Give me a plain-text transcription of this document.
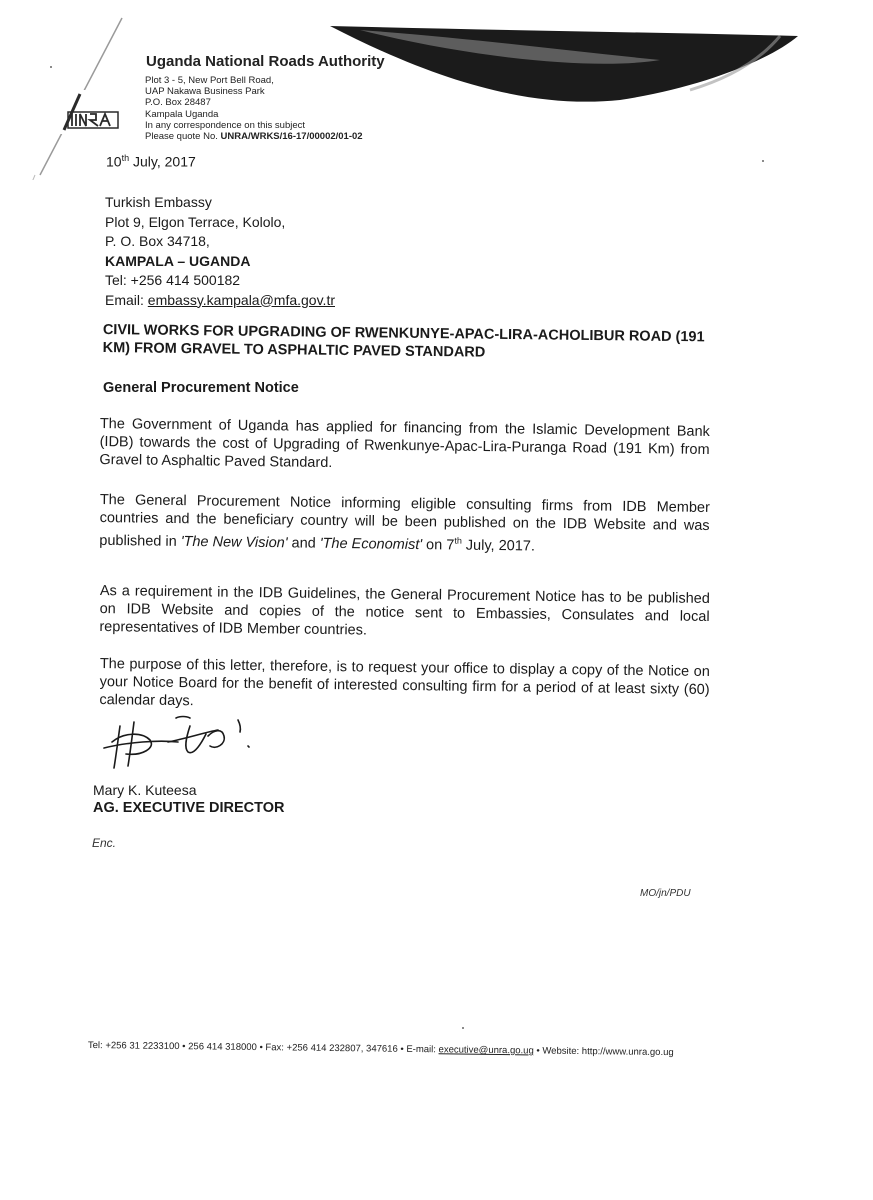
Uganda National Roads Authority
Plot 3 - 5, New Port Bell Road,
UAP Nakawa Business Park
P.O. Box 28487
Kampala Uganda
In any correspondence on this subject
Please quote No. UNRA/WRKS/16-17/00002/01-02
10th July, 2017
Turkish Embassy
Plot 9, Elgon Terrace, Kololo,
P. O. Box 34718,
KAMPALA – UGANDA
Tel: +256 414 500182
Email: embassy.kampala@mfa.gov.tr
CIVIL WORKS FOR UPGRADING OF RWENKUNYE-APAC-LIRA-ACHOLIBUR ROAD (191 KM) FROM GRAVEL TO ASPHALTIC PAVED STANDARD
General Procurement Notice
The Government of Uganda has applied for financing from the Islamic Development Bank (IDB) towards the cost of Upgrading of Rwenkunye-Apac-Lira-Puranga Road (191 Km) from Gravel to Asphaltic Paved Standard.
The General Procurement Notice informing eligible consulting firms from IDB Member countries and the beneficiary country will be been published on the IDB Website and was published in 'The New Vision' and 'The Economist' on 7th July, 2017.
As a requirement in the IDB Guidelines, the General Procurement Notice has to be published on IDB Website and copies of the notice sent to Embassies, Consulates and local representatives of IDB Member countries.
The purpose of this letter, therefore, is to request your office to display a copy of the Notice on your Notice Board for the benefit of interested consulting firm for a period of at least sixty (60) calendar days.
Mary K. Kuteesa
AG. EXECUTIVE DIRECTOR
Enc.
MO/jn/PDU
Tel: +256 31 2233100 • 256 414 318000 • Fax: +256 414 232807, 347616 • E-mail: executive@unra.go.ug • Website: http://www.unra.go.ug
